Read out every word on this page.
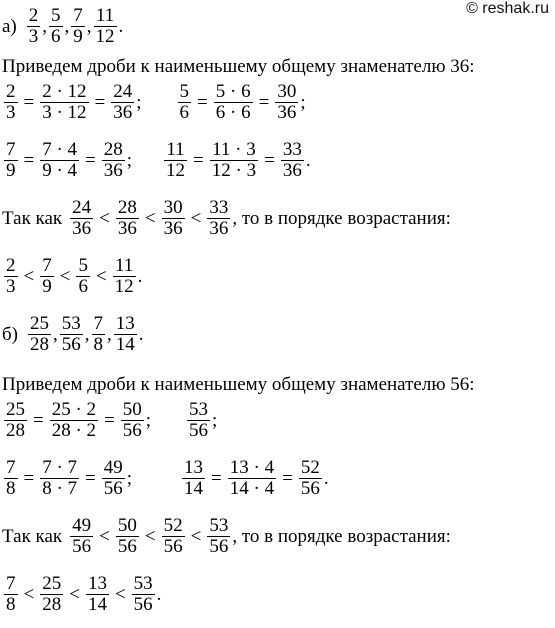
© reshak.ru
$а) \frac{2}{3}$ , $\frac{5}{6}$ , $\frac{7}{9}$ , $\frac{11}{12}$ .
Приведем дроби к наименьшему общему знаменателю 36:
$\frac{2}{3} = \frac{2 \cdot 12}{3 \cdot 12} = \frac{24}{36}$ ; $\frac{5}{6} = \frac{5 \cdot 6}{6 \cdot 6} = \frac{30}{36}$ ;
$\frac{7}{9} = \frac{7 \cdot 4}{9 \cdot 4} = \frac{28}{36}$ ; $\frac{11}{12} = \frac{11 \cdot 3}{12 \cdot 3} = \frac{33}{36}$ .
Так как $\frac{24}{36} < \frac{28}{36} < \frac{30}{36} < \frac{33}{36}$ , то в порядке возрастания:
$\frac{2}{3} < \frac{7}{9} < \frac{5}{6} < \frac{11}{12}$ .
$б) \frac{25}{28}$ , $\frac{53}{56}$ , $\frac{7}{8}$ , $\frac{13}{14}$ .
Приведем дроби к наименьшему общему знаменателю 56:
$\frac{25}{28} = \frac{25 \cdot 2}{28 \cdot 2} = \frac{50}{56}$ ; $\frac{53}{56}$ ;
$\frac{7}{8} = \frac{7 \cdot 7}{8 \cdot 7} = \frac{49}{56}$ ;	$\frac{13}{14} = \frac{13 \cdot 4}{14 \cdot 4} = \frac{52}{56}$ .
Так как $\frac{49}{56} < \frac{50}{56} < \frac{52}{56} < \frac{53}{56}$ , то в порядке возрастания:
$\frac{7}{8} < \frac{25}{28} < \frac{13}{14} < \frac{53}{56}$ .
